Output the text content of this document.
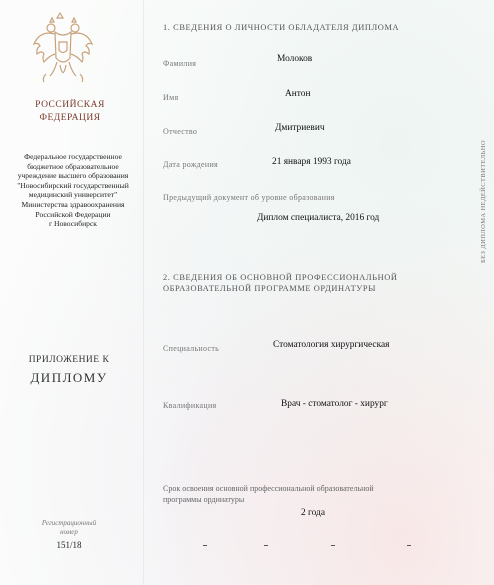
РОССИЙСКАЯ
ФЕДЕРАЦИЯ
Федеральное государственное
бюджетное образовательное
учреждение высшего образования
"Новосибирский государственный
медицинский университет"
Министерства здравоохранения
Российской Федерации
г Новосибирск
ПРИЛОЖЕНИЕ К
ДИПЛОМУ
Регистрационный
номер
151/18
1. СВЕДЕНИЯ О ЛИЧНОСТИ ОБЛАДАТЕЛЯ ДИПЛОМА
Фамилия	Молоков
Имя	Антон
Отчество	Дмитриевич
Дата рождения	21 января 1993 года
Предыдущий документ об уровне образования
Диплом специалиста, 2016 год
2. СВЕДЕНИЯ ОБ ОСНОВНОЙ ПРОФЕССИОНАЛЬНОЙ
ОБРАЗОВАТЕЛЬНОЙ ПРОГРАММЕ ОРДИНАТУРЫ
Специальность	Стоматология хирургическая
Квалификация	Врач - стоматолог - хирург
Срок освоения основной профессиональной образовательной
программы ординатуры
2 года
БЕЗ ДИПЛОМА НЕДЕЙСТВИТЕЛЬНО
